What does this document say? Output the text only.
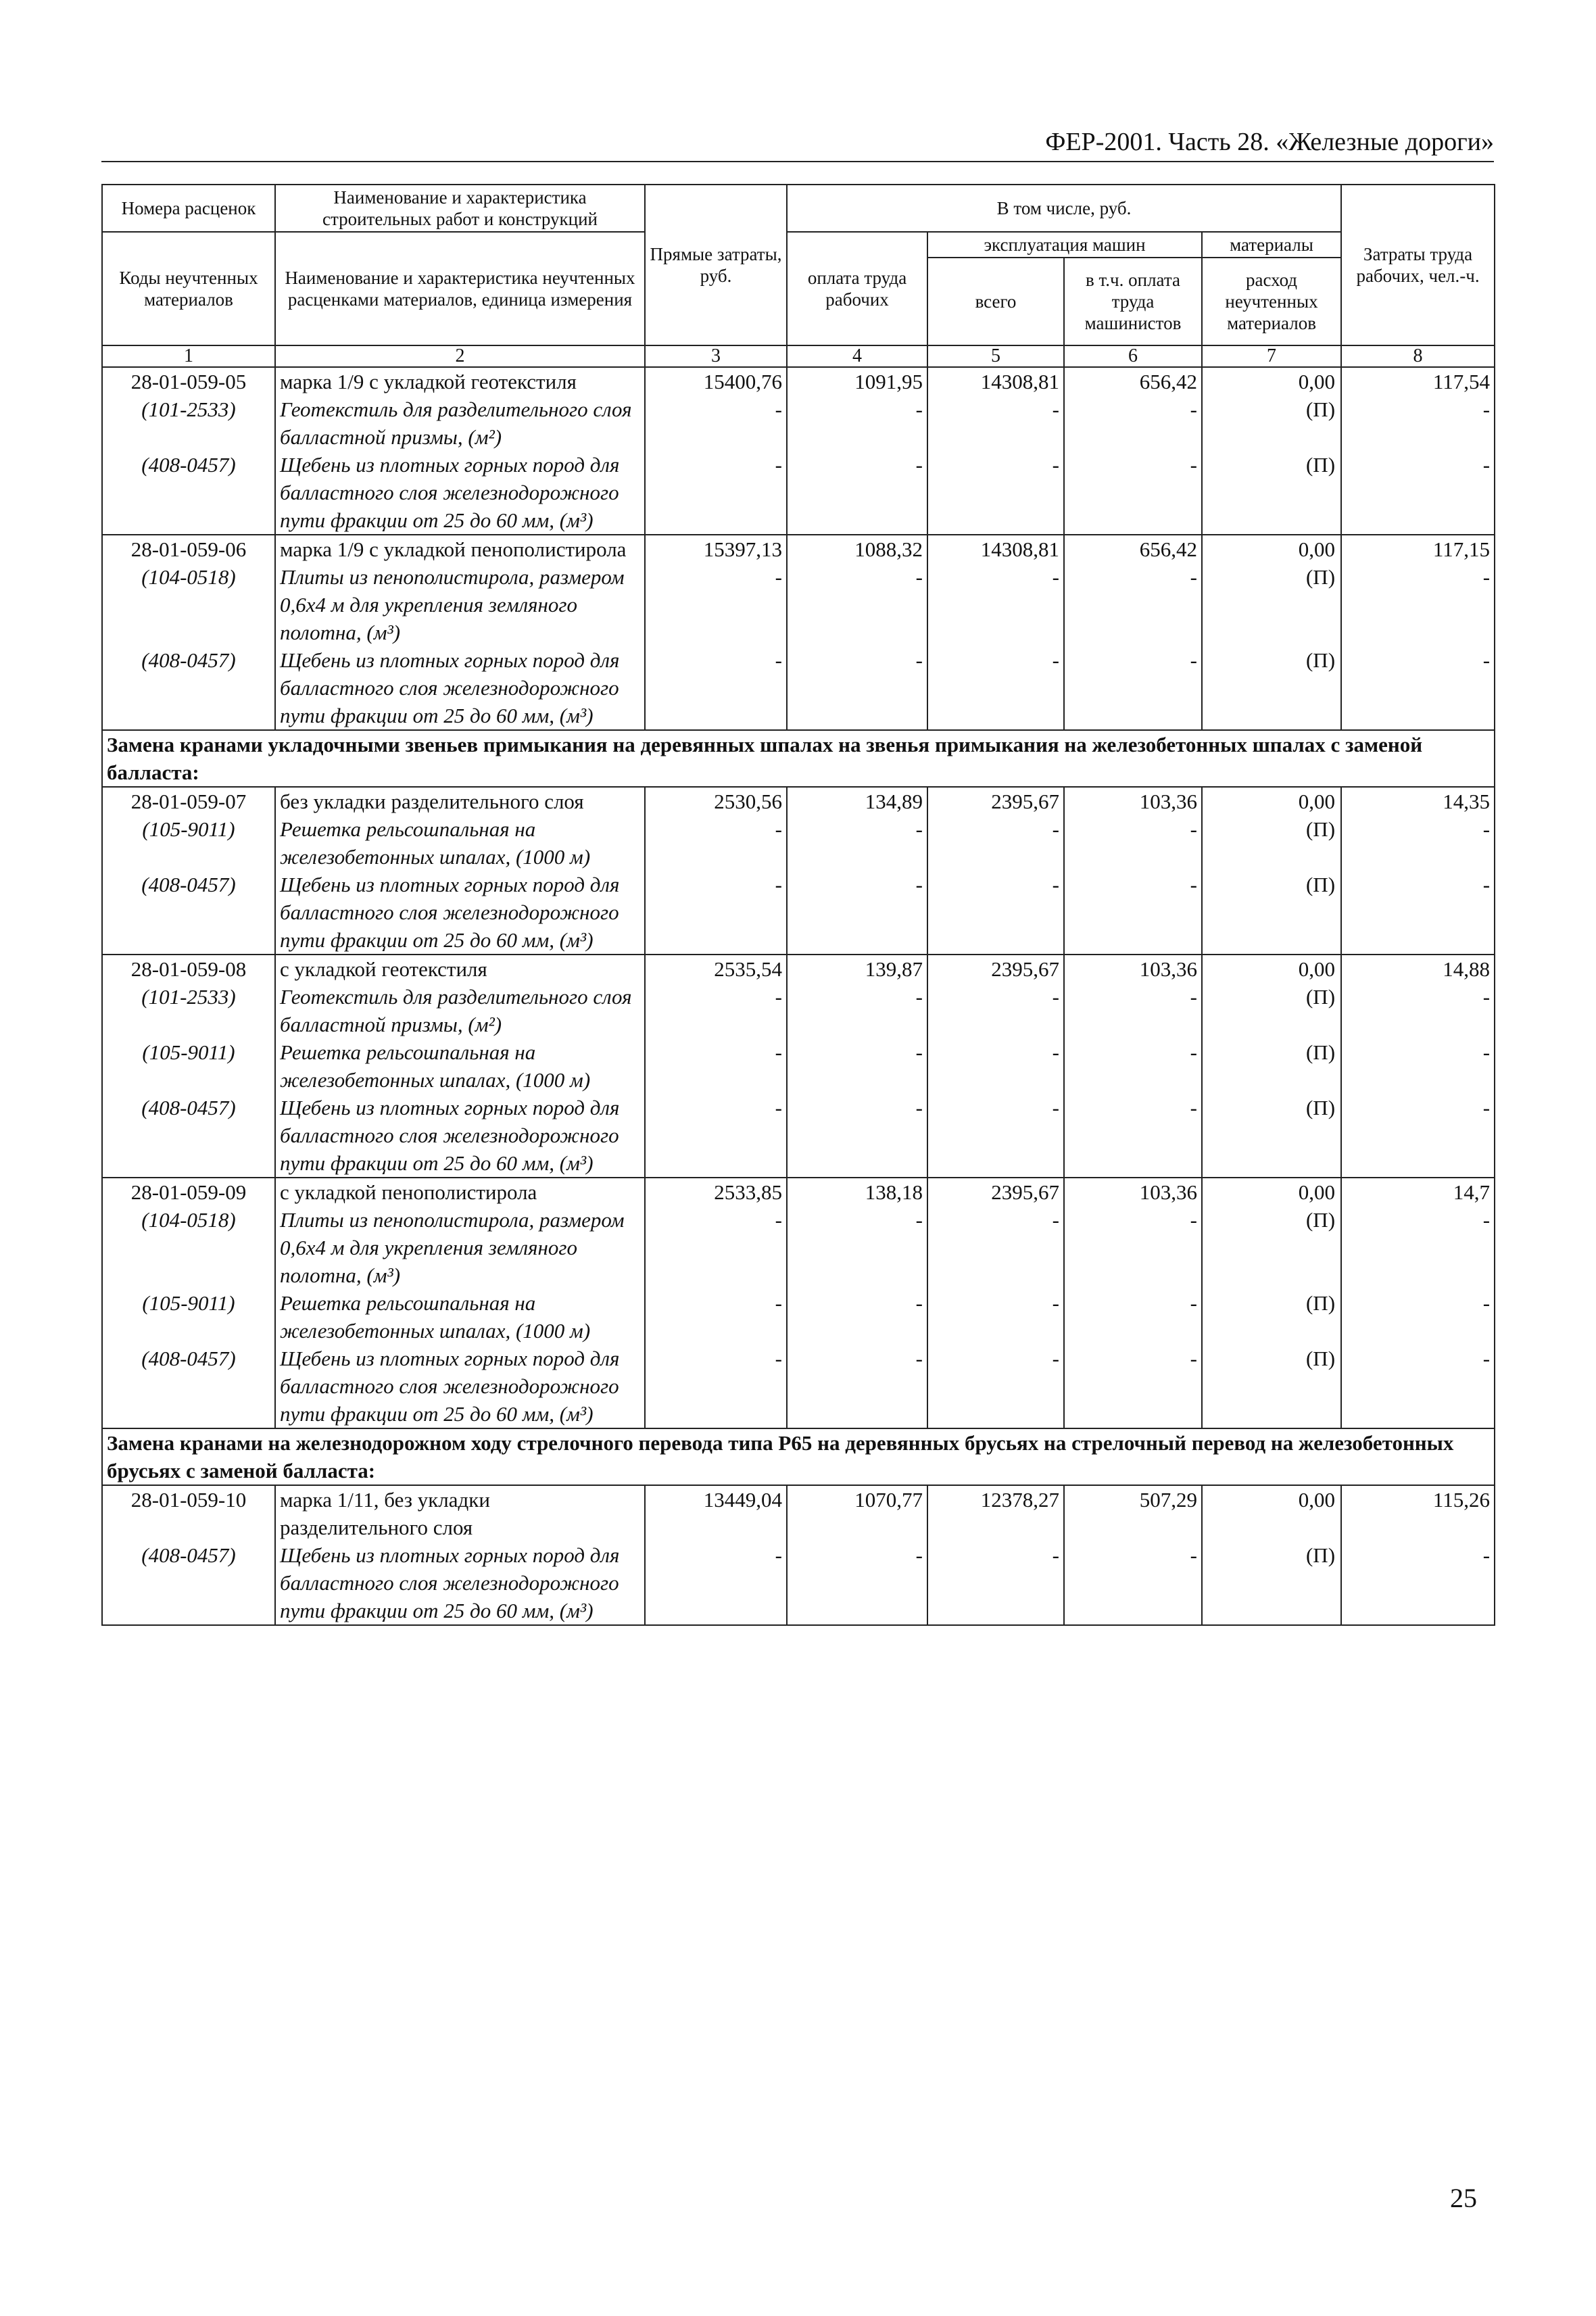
ФЕР-2001. Часть 28. «Железные дороги»
Номера расценок	Наименование и характеристика строительных работ и конструкций	Прямые затраты, руб.	В том числе, руб.				Затраты труда рабочих, чел.-ч.
Коды неучтенных материалов	Наименование и характеристика неучтенных расценками материалов, единица измерения		оплата труда рабочих	эксплуатация машин		материалы	
				всего	в т.ч. оплата труда машинистов	расход неучтенных материалов	
1	2	3	4	5	6	7	8
28-01-059-05	марка 1/9 с укладкой геотекстиля	15400,76	1091,95	14308,81	656,42	0,00	117,54
(101-2533)	Геотекстиль для разделительного слоя балластной призмы, (м²)	-	-	-	-	(П)	-
(408-0457)	Щебень из плотных горных пород для балластного слоя железнодорожного пути фракции от 25 до 60 мм, (м³)	-	-	-	-	(П)	-
28-01-059-06	марка 1/9 с укладкой пенополистирола	15397,13	1088,32	14308,81	656,42	0,00	117,15
(104-0518)	Плиты из пенополистирола, размером 0,6х4 м для укрепления земляного полотна, (м³)	-	-	-	-	(П)	-
(408-0457)	Щебень из плотных горных пород для балластного слоя железнодорожного пути фракции от 25 до 60 мм, (м³)	-	-	-	-	(П)	-
Замена кранами укладочными звеньев примыкания на деревянных шпалах на звенья примыкания на железобетонных шпалах с заменой балласта:							
28-01-059-07	без укладки разделительного слоя	2530,56	134,89	2395,67	103,36	0,00	14,35
(105-9011)	Решетка рельсошпальная на железобетонных шпалах, (1000 м)	-	-	-	-	(П)	-
(408-0457)	Щебень из плотных горных пород для балластного слоя железнодорожного пути фракции от 25 до 60 мм, (м³)	-	-	-	-	(П)	-
28-01-059-08	с укладкой геотекстиля	2535,54	139,87	2395,67	103,36	0,00	14,88
(101-2533)	Геотекстиль для разделительного слоя балластной призмы, (м²)	-	-	-	-	(П)	-
(105-9011)	Решетка рельсошпальная на железобетонных шпалах, (1000 м)	-	-	-	-	(П)	-
(408-0457)	Щебень из плотных горных пород для балластного слоя железнодорожного пути фракции от 25 до 60 мм, (м³)	-	-	-	-	(П)	-
28-01-059-09	с укладкой пенополистирола	2533,85	138,18	2395,67	103,36	0,00	14,7
(104-0518)	Плиты из пенополистирола, размером 0,6х4 м для укрепления земляного полотна, (м³)	-	-	-	-	(П)	-
(105-9011)	Решетка рельсошпальная на железобетонных шпалах, (1000 м)	-	-	-	-	(П)	-
(408-0457)	Щебень из плотных горных пород для балластного слоя железнодорожного пути фракции от 25 до 60 мм, (м³)	-	-	-	-	(П)	-
Замена кранами на железнодорожном ходу стрелочного перевода типа Р65 на деревянных брусьях на стрелочный перевод на железобетонных брусьях с заменой балласта:							
28-01-059-10	марка 1/11, без укладки разделительного слоя	13449,04	1070,77	12378,27	507,29	0,00	115,26
(408-0457)	Щебень из плотных горных пород для балластного слоя железнодорожного пути фракции от 25 до 60 мм, (м³)	-	-	-	-	(П)	-
25
